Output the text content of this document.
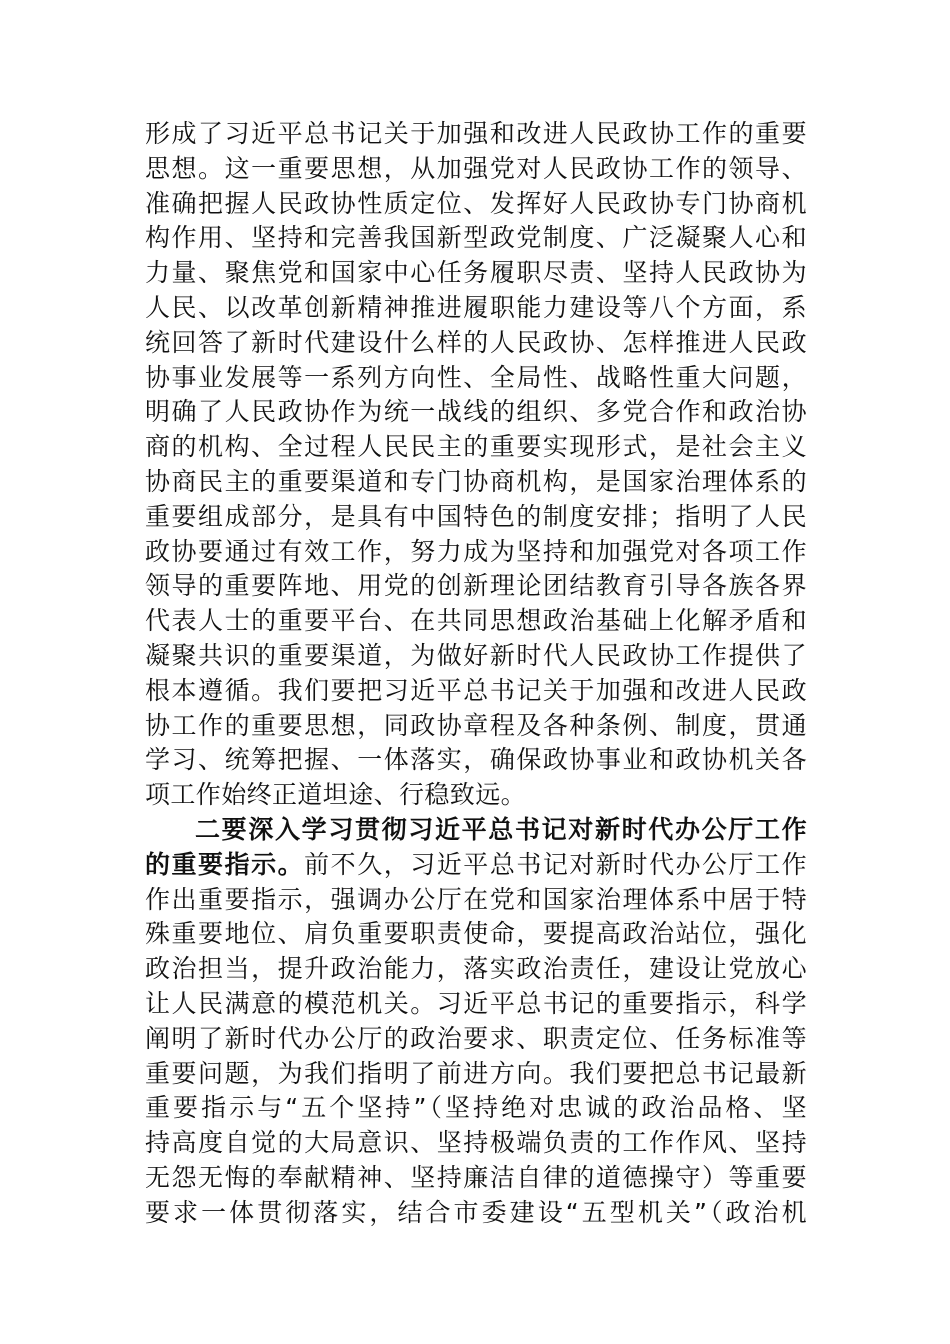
形成了习近平总书记关于加强和改进人民政协工作的重要
思想。这一重要思想，从加强党对人民政协工作的领导、
准确把握人民政协性质定位、发挥好人民政协专门协商机
构作用、坚持和完善我国新型政党制度、广泛凝聚人心和
力量、聚焦党和国家中心任务履职尽责、坚持人民政协为
人民、以改革创新精神推进履职能力建设等八个方面，系
统回答了新时代建设什么样的人民政协、怎样推进人民政
协事业发展等一系列方向性、全局性、战略性重大问题，
明确了人民政协作为统一战线的组织、多党合作和政治协
商的机构、全过程人民民主的重要实现形式，是社会主义
协商民主的重要渠道和专门协商机构，是国家治理体系的
重要组成部分，是具有中国特色的制度安排；指明了人民
政协要通过有效工作，努力成为坚持和加强党对各项工作
领导的重要阵地、用党的创新理论团结教育引导各族各界
代表人士的重要平台、在共同思想政治基础上化解矛盾和
凝聚共识的重要渠道，为做好新时代人民政协工作提供了
根本遵循。我们要把习近平总书记关于加强和改进人民政
协工作的重要思想，同政协章程及各种条例、制度，贯通
学习、统筹把握、一体落实，确保政协事业和政协机关各
项工作始终正道坦途、行稳致远。
二要深入学习贯彻习近平总书记对新时代办公厅工作
的重要指示。前不久，习近平总书记对新时代办公厅工作
作出重要指示，强调办公厅在党和国家治理体系中居于特
殊重要地位、肩负重要职责使命，要提高政治站位，强化
政治担当，提升政治能力，落实政治责任，建设让党放心
让人民满意的模范机关。习近平总书记的重要指示，科学
阐明了新时代办公厅的政治要求、职责定位、任务标准等
重要问题，为我们指明了前进方向。我们要把总书记最新
重要指示与“五个坚持”（坚持绝对忠诚的政治品格、坚
持高度自觉的大局意识、坚持极端负责的工作作风、坚持
无怨无悔的奉献精神、坚持廉洁自律的道德操守）等重要
要求一体贯彻落实，结合市委建设“五型机关”（政治机
